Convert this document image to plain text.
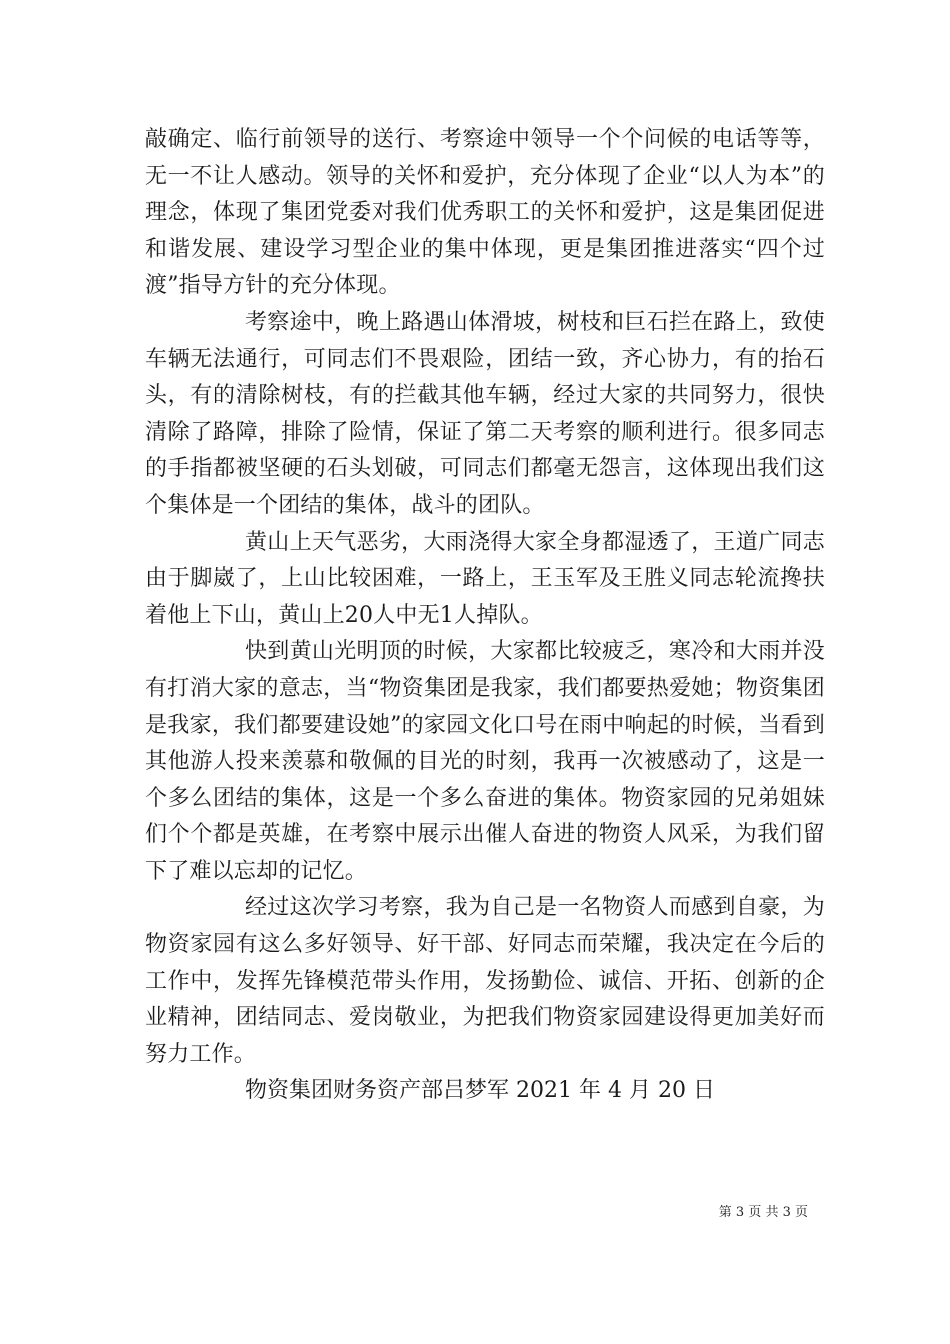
敲确定、临行前领导的送行、考察途中领导一个个问候的电话等等，无一不让人感动。领导的关怀和爱护，充分体现了企业“以人为本”的理念，体现了集团党委对我们优秀职工的关怀和爱护，这是集团促进和谐发展、建设学习型企业的集中体现，更是集团推进落实“四个过渡”指导方针的充分体现。

考察途中，晚上路遇山体滑坡，树枝和巨石拦在路上，致使车辆无法通行，可同志们不畏艰险，团结一致，齐心协力，有的抬石头，有的清除树枝，有的拦截其他车辆，经过大家的共同努力，很快清除了路障，排除了险情，保证了第二天考察的顺利进行。很多同志的手指都被坚硬的石头划破，可同志们都毫无怨言，这体现出我们这个集体是一个团结的集体，战斗的团队。

黄山上天气恶劣，大雨浇得大家全身都湿透了，王道广同志由于脚崴了，上山比较困难，一路上，王玉军及王胜义同志轮流搀扶着他上下山，黄山上20人中无1人掉队。

快到黄山光明顶的时候，大家都比较疲乏，寒冷和大雨并没有打消大家的意志，当“物资集团是我家，我们都要热爱她；物资集团是我家，我们都要建设她”的家园文化口号在雨中响起的时候，当看到其他游人投来羡慕和敬佩的目光的时刻，我再一次被感动了，这是一个多么团结的集体，这是一个多么奋进的集体。物资家园的兄弟姐妹们个个都是英雄，在考察中展示出催人奋进的物资人风采，为我们留下了难以忘却的记忆。

经过这次学习考察，我为自己是一名物资人而感到自豪，为物资家园有这么多好领导、好干部、好同志而荣耀，我决定在今后的工作中，发挥先锋模范带头作用，发扬勤俭、诚信、开拓、创新的企业精神，团结同志、爱岗敬业，为把我们物资家园建设得更加美好而努力工作。

物资集团财务资产部吕梦军 2021 年 4 月 20 日

第 3 页 共 3 页
